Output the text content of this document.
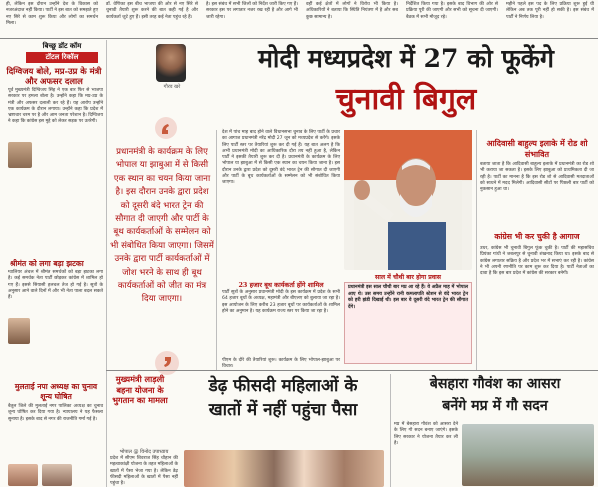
ही, लेकिन इस दौरान उन्होंने देश के विकास को नजरअंदाज नहीं किया। पार्टी ने इस बात को समझते हुए नए सिरे से काम शुरू किया और लोगों का समर्थन मिला।
डॉ. वेणिका इस बीच भाजपा की ओर से नए सिरे से चुनावी तैयारी शुरू करने की बात कही गई है और कार्यकर्ता जुटे हुए हैं। इसी तरह कई नेता पहुंच रहे हैं।
है। इस संबंध में सभी जिलों को निर्देश जारी किए गए हैं। सरकार इस पर लगातार नजर रख रही है और आगे भी जारी रहेगा।
वहीं कई क्षेत्रों में लोगों ने विरोध भी किया है। अधिकारियों ने बताया कि स्थिति नियंत्रण में है और सब कुछ सामान्य है।
निर्देशित किया गया है। इसके बाद विभाग की ओर से प्रक्रिया पूरी की जाएगी और सभी को सूचना दी जाएगी। बैठक में सभी मौजूद रहे।
महीने पहले इस पद के लिए प्रक्रिया शुरू हुई थी लेकिन अब तक पूरी नहीं हो सकी है। इस संबंध में पार्टी ने निर्णय लिया है।
बिच्छू डॉट कॉम
टॉटल रिकॉल
दिग्विजय बोले, मप्र-उप्र के मंत्री और अफसर दलाल
पूर्व मुख्यमंत्री दिग्विजय सिंह ने एक बार फिर से भाजपा सरकार पर हमला बोला है। उन्होंने कहा कि मप्र-उप्र के मंत्री और अफसर दलाली कर रहे हैं। यह आरोप उन्होंने एक कार्यक्रम के दौरान लगाया। उन्होंने कहा कि प्रदेश में भ्रष्टाचार चरम पर है और आम जनता परेशान है। दिग्विजय ने कहा कि कांग्रेस इस मुद्दे को लेकर सड़क पर उतरेगी।
श्रीमंत को लगा बड़ा झटका
ग्वालियर अंचल में श्रीमंत समर्थकों को बड़ा झटका लगा है। कई समर्थक नेता पार्टी छोड़कर कांग्रेस में शामिल हो गए हैं। इससे सियासी हलचल तेज हो गई है। सूत्रों के अनुसार आने वाले दिनों में और भी नेता पाला बदल सकते हैं।
मुलताई नपा अध्यक्ष का चुनाव शून्य घोषित
बैतूल जिले की मुलताई नगर पालिका अध्यक्ष का चुनाव शून्य घोषित कर दिया गया है। न्यायालय ने यह फैसला सुनाया है। इसके बाद से नगर की राजनीति गर्मा गई है।
गौरव खरे
प्रधानमंत्री के कार्यक्रम के लिए भोपाल या झाबुआ में से किसी एक स्थान का चयन किया जाना है। इस दौरान उनके द्वारा प्रदेश को दूसरी बंदे भारत ट्रेन की सौगात दी जाएगी और पार्टी के बूथ कार्यकर्ताओं के सम्मेलन को भी संबोधित किया जाएगा। जिसमें उनके द्वारा पार्टी कार्यकर्ताओं में जोश भरने के साथ ही बूथ कार्यकर्ताओं को जीत का मंत्र दिया जाएगा।
मोदी मध्यप्रदेश में 27 को फूकेंगे
चुनावी बिगुल
देश में पांच माह बाद होने वाले विधानसभा चुनाव के लिए पार्टी के प्रचार का आगाज प्रधानमंत्री नरेंद्र मोदी 27 जून को मध्यप्रदेश से करेंगे। इसके लिए पार्टी स्तर पर तैयारियां शुरू कर दी गई हैं। यह बात अलग है कि अभी प्रधानमंत्री मोदी का आधिकारिक दौरा तय नहीं हुआ है, लेकिन पार्टी ने इसकी तैयारी शुरू कर दी है। प्रधानमंत्री के कार्यक्रम के लिए भोपाल या झाबुआ में से किसी एक स्थान का चयन किया जाना है। इस दौरान उनके द्वारा प्रदेश को दूसरी वंदे भारत ट्रेन की सौगात दी जाएगी और पार्टी के बूथ कार्यकर्ताओं के सम्मेलन को भी संबोधित किया जाएगा।
23 हजार बूथ कार्यकर्ता होंगे शामिल
पार्टी सूत्रों के अनुसार प्रधानमंत्री मोदी के इस कार्यक्रम में प्रदेश के सभी 64 हजार बूथों के अध्यक्ष, महामंत्री और बीएलए को बुलाया जा रहा है। इस आयोजन के लिए करीब 23 हजार बूथों पर कार्यकर्ताओं के शामिल होने का अनुमान है। यह कार्यक्रम राज्य स्तर पर किया जा रहा है।
पीएम के दौरे की तैयारियां शुरू। कार्यक्रम के लिए भोपाल-झाबुआ पर विचार।
साल में चौथी बार होगा प्रवास
प्रधानमंत्री इस साल चौथी बार मप्र आ रहे हैं। वे अप्रैल माह में भोपाल आए थे। उस समय उन्होंने रानी कमलापति स्टेशन से वंदे भारत ट्रेन को हरी झंडी दिखाई थी। इस बार वे दूसरी वंदे भारत ट्रेन की सौगात देंगे।
आदिवासी बाहुल्य इलाके में रोड शो संभावित
बताया जाता है कि आदिवासी बाहुल्य इलाके में प्रधानमंत्री का रोड शो भी कराया जा सकता है। इसके लिए झाबुआ को प्राथमिकता दी जा रही है। पार्टी का मानना है कि इस रोड शो से आदिवासी मतदाताओं को साधने में मदद मिलेगी। आदिवासी सीटों पर पिछली बार पार्टी को नुकसान हुआ था।
कांग्रेस भी कर चुकी है आगाज
उधर, कांग्रेस भी चुनावी बिगुल फूंक चुकी है। पार्टी की महासचिव प्रियंका गांधी ने जबलपुर से चुनावी शंखनाद किया था। इसके बाद से कांग्रेस लगातार सक्रिय है और प्रदेश भर में सभाएं कर रही है। कांग्रेस ने भी अपनी रणनीति पर काम शुरू कर दिया है। पार्टी नेताओं का दावा है कि इस बार प्रदेश में कांग्रेस की सरकार बनेगी।
मुख्यमंत्री लाड़ली बहना योजना के भुगतान का मामला
डेढ़ फीसदी महिलाओं के
खातों में नहीं पहुंचा पैसा
भोपाल @ विनोद उपाध्याय
प्रदेश में सीएम शिवराज सिंह चौहान की महत्वाकांक्षी योजना के तहत महिलाओं के खातों में पैसा भेजा गया है। लेकिन डेढ़ फीसदी महिलाओं के खातों में पैसा नहीं पहुंचा है।
बेसहारा गौवंश का आसरा
बनेंगे मप्र में गौ सदन
मप्र में बेसहारा गौवंश को आसरा देने के लिए गौ सदन बनाए जाएंगे। इसके लिए सरकार ने योजना तैयार कर ली है।
